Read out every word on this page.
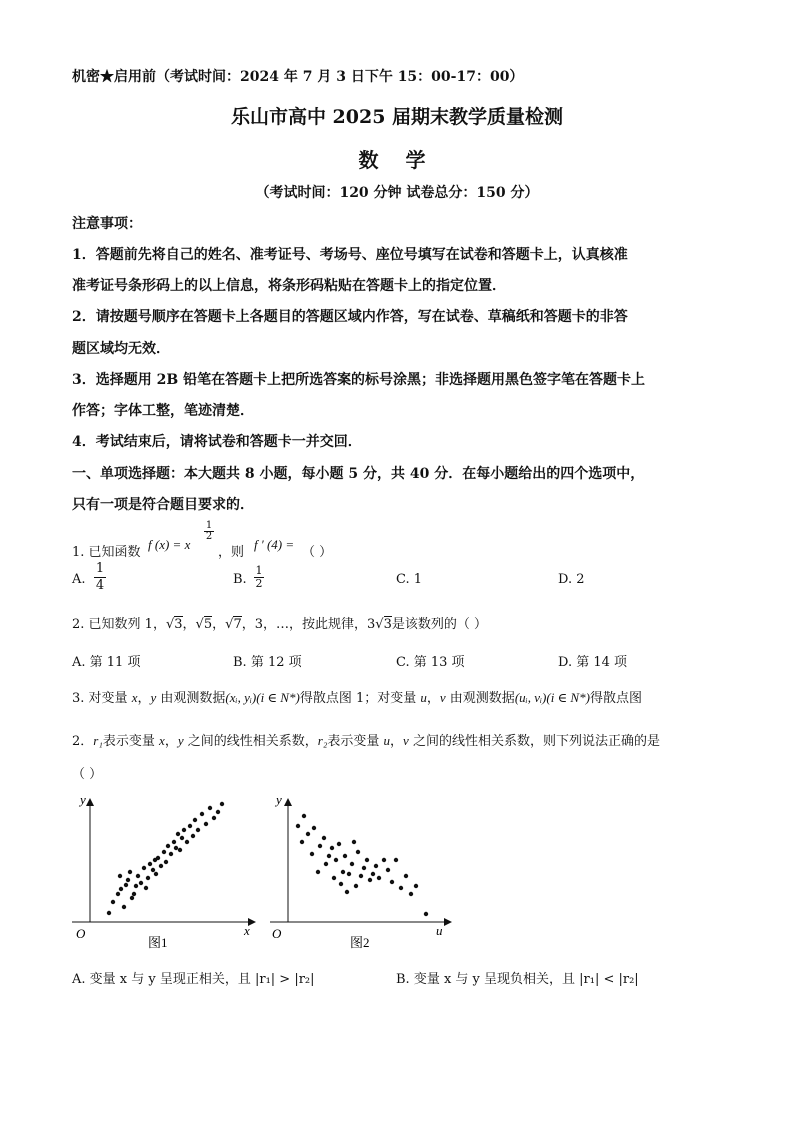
机密★启用前（考试时间：2024 年 7 月 3 日下午 15：00-17：00）
乐山市高中 2025 届期末教学质量检测
数 学
（考试时间：120 分钟 试卷总分：150 分）
注意事项：
1．答题前先将自己的姓名、准考证号、考场号、座位号填写在试卷和答题卡上，认真核准
准考证号条形码上的以上信息，将条形码粘贴在答题卡上的指定位置．
2．请按题号顺序在答题卡上各题目的答题区域内作答，写在试卷、草稿纸和答题卡的非答
题区域均无效．
3．选择题用 2B 铅笔在答题卡上把所选答案的标号涂黑；非选择题用黑色签字笔在答题卡上
作答；字体工整，笔迹清楚．
4．考试结束后，请将试卷和答题卡一并交回．
一、单项选择题：本大题共 8 小题，每小题 5 分，共 40 分．在每小题给出的四个选项中，
只有一项是符合题目要求的．
1. 已知函数
f (x) = x
$\frac{1}{2}$
，则
f ′ (4) =
（ ）
A. $\frac{1}{4}$	B. $\frac{1}{2}$	C. 1	D. 2
2. 已知数列 1，√3，√5，√7，3，…，按此规律，3√3是该数列的（ ）
A. 第 11 项	B. 第 12 项	C. 第 13 项	D. 第 14 项
3. 对变量 x，y 由观测数据(xᵢ, yᵢ)(i ∈ N*)得散点图 1；对变量 u，v 由观测数据(uᵢ, vᵢ)(i ∈ N*)得散点图
2．r₁表示变量 x，y 之间的线性相关系数，r₂表示变量 u，v 之间的线性相关系数，则下列说法正确的是
（ ）
y
x
O
图1
y
u
O
图2
A. 变量 x 与 y 呈现正相关，且 |r₁| > |r₂|	B. 变量 x 与 y 呈现负相关，且 |r₁| < |r₂|
